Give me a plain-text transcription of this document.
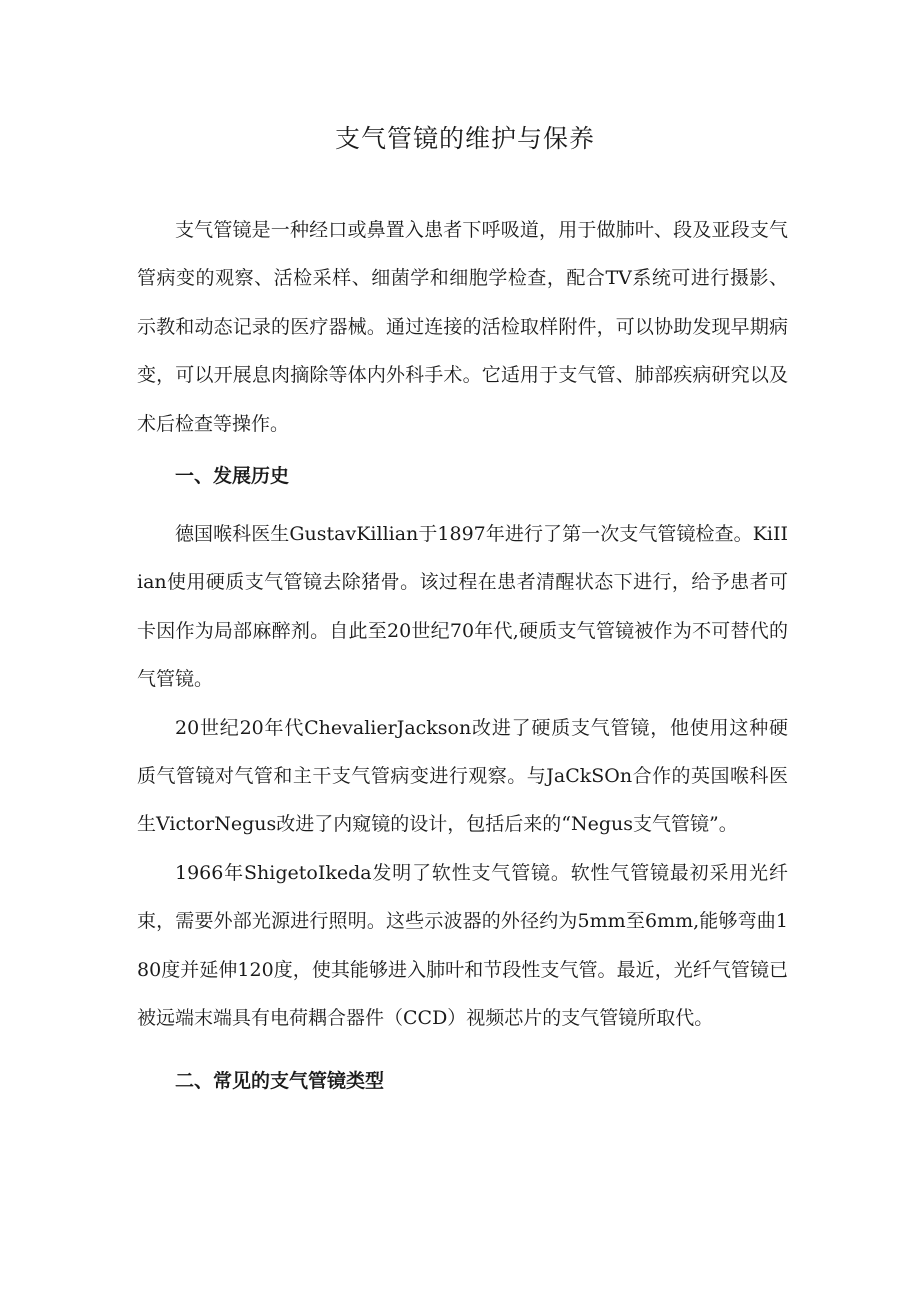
支气管镜的维护与保养

支气管镜是一种经口或鼻置入患者下呼吸道，用于做肺叶、段及亚段支气管病变的观察、活检采样、细菌学和细胞学检查，配合TV系统可进行摄影、示教和动态记录的医疗器械。通过连接的活检取样附件，可以协助发现早期病变，可以开展息肉摘除等体内外科手术。它适用于支气管、肺部疾病研究以及术后检查等操作。

一、发展历史

德国喉科医生GustavKillian于1897年进行了第一次支气管镜检查。KiIIian使用硬质支气管镜去除猪骨。该过程在患者清醒状态下进行，给予患者可卡因作为局部麻醉剂。自此至20世纪70年代,硬质支气管镜被作为不可替代的气管镜。

20世纪20年代ChevalierJackson改进了硬质支气管镜，他使用这种硬质气管镜对气管和主干支气管病变进行观察。与JaCkSOn合作的英国喉科医生VictorNegus改进了内窥镜的设计，包括后来的“Negus支气管镜”。

1966年ShigetoIkeda发明了软性支气管镜。软性气管镜最初采用光纤束，需要外部光源进行照明。这些示波器的外径约为5mm至6mm,能够弯曲180度并延伸120度，使其能够进入肺叶和节段性支气管。最近，光纤气管镜已被远端末端具有电荷耦合器件（CCD）视频芯片的支气管镜所取代。

二、常见的支气管镜类型
